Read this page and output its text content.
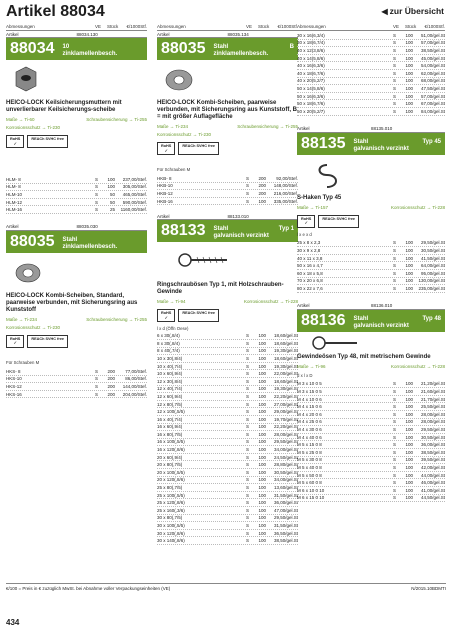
Artikel 88034	◀ zur Übersicht
Abmessungen	VE	Stück	€/1000Stf.
Artikel	88034.130
88034 10
zinklamellenbesch.
HEICO-LOCK Keilsicherungsmuttern mit unverlierbarer Keilsicherungs-scheibe
Maße → Ti-60	Schraubensicherung → Ti-255
Korrosionsschutz → Ti-230
RoHS
✓
REACh SVHC free
HLM- 8	S	100	237,00/Stef.
HLM- 8	S	100	305,00/Stef.
HLM-10	S	50	465,00/Stef.
HLM-12	S	50	590,00/Stef.
HLM-16	S	25	1160,00/Stef.
Artikel	88035.030
88035 Stahl
zinklamellenbesch.
HEICO-LOCK Kombi-Scheiben, Standard, paarweise verbunden, mit Sicherungsring aus Kunststoff
Maße → Ti-234	Schraubensicherung → Ti-255
Korrosionsschutz → Ti-230
RoHS
✓
REACh SVHC free
Für Schrauben M
HKS- 8	S	200	77,00/Stef.
HKS-10	S	200	86,00/Stef.
HKS-12	S	200	144,00/Stef.
HKS-16	S	200	204,00/Stef.
Abmessungen	VE	Stück	€/1000Stf.
Artikel	88035.134
88035 Stahl
zinklamellenbesch.
B
HEICO-LOCK Kombi-Scheiben, paarweise verbunden, mit Sicherungsring aus Kunststoff, B = mit größer Auflagefläche
Maße → Ti-234	Schraubensicherung → Ti-255
Korrosionsschutz → Ti-230
RoHS
✓
REACh SVHC free
Für Schrauben M
HKB- 8	S	200	92,00/Stef.
HKB-10	S	200	148,00/Stef.
HKB-12	S	200	216,00/Stef.
HKB-16	S	100	335,00/Stef.
Artikel	88133.010
88133 Stahl
galvanisch verzinkt
Typ 1
Ringschraubösen Typ 1, mit Holzschrauben-Gewinde
Maße → Ti-94	Korrosionsschutz → Ti-228
RoHS
✓
REACh SVHC free
l x d (Öffn Oese)
6 x 30(,8/4)	S	100	18,60/gel.St
8 x 30(,8/4)	S	100	18,60/gel.St
8 x 40(,7/4)	S	100	19,30/gel.St
10 x 30(,8/4)	S	100	18,60/gel.St
10 x 40(,7/4)	S	100	19,30/gel.St
10 x 60(,9/4)	S	100	22,00/gel.St
12 x 30(,8/4)	S	100	18,60/gel.St
12 x 40(,7/4)	S	100	19,30/gel.St
12 x 60(,9/4)	S	100	22,20/gel.St
12 x 80(,7/5)	S	100	27,00/gel.St
12 x 100(,5/5)	S	100	29,00/gel.St
16 x 40(,7/4)	S	100	19,70/gel.St
16 x 60(,9/4)	S	100	22,20/gel.St
16 x 80(,7/5)	S	100	28,00/gel.St
16 x 100(,5/5)	S	100	29,50/gel.St
16 x 120(,8/6)	S	100	34,00/gel.St
20 x 60(,9/4)	S	100	24,50/gel.St
20 x 80(,7/5)	S	100	28,80/gel.St
20 x 100(,5/5)	S	100	30,50/gel.St
20 x 120(,8/6)	S	100	34,00/gel.St
25 x 80(,7/5)	S	100	13,60/gel.St
25 x 100(,5/5)	S	100	31,50/gel.St
25 x 120(,8/6)	S	100	36,00/gel.St
25 x 160(,3/6)	S	100	47,00/gel.St
30 x 80(,7/5)	S	100	29,50/gel.St
30 x 100(,5/5)	S	100	31,50/gel.St
30 x 120(,8/6)	S	100	36,50/gel.St
30 x 140(,8/6)	S	100	38,50/gel.St
Abmessungen	VE	Stück	€/1000Stf.
30 x 16(6,3/4)	S	100	51,00/gel.St
30 x 18(6,7/4)	S	100	57,00/gel.St
40 x 12(3,8/6)	S	100	38,50/gel.St
40 x 14(5,8/6)	S	100	45,00/gel.St
40 x 16(6,3/6)	S	100	54,00/gel.St
40 x 18(6,7/6)	S	100	62,00/gel.St
40 x 20(5,2/7)	S	100	68,00/gel.St
50 x 14(5,8/6)	S	100	47,50/gel.St
50 x 16(6,3/6)	S	100	57,00/gel.St
50 x 18(6,7/6)	S	100	67,00/gel.St
50 x 20(5,2/7)	S	100	84,00/gel.St
Artikel	88135.010
88135 Stahl
galvanisch verzinkt
Typ 45
S-Haken Typ 45
Maße → Ti-157	Korrosionsschutz → Ti-228
RoHS
✓
REACh SVHC free
l x e x d
25 x 8 x 2,3	S	100	29,50/gel.St
30 x 9 x 2,8	S	100	30,50/gel.St
40 x 11 x 3,8	S	100	41,50/gel.St
50 x 16 x 4,7	S	100	64,00/gel.St
60 x 18 x 5,8	S	100	95,00/gel.St
70 x 20 x 6,8	S	100	130,00/gel.St
80 x 22 x 7,6	S	100	235,00/gel.St
Artikel	88136.010
88136 Stahl
galvanisch verzinkt
Typ 48
Gewindeösen Typ 48, mit metrischem Gewinde
Maße → Ti-96	Korrosionsschutz → Ti-228
d x l x D
M 3 x 10 0 5	S	100	21,20/gel.St
M 3 x 15 0 5	S	100	21,60/gel.St
M 4 x 10 0 6	S	100	21,70/gel.St
M 4 x 15 0 6	S	100	25,50/gel.St
M 4 x 20 0 6	S	100	28,00/gel.St
M 4 x 25 0 6	S	100	28,00/gel.St
M 4 x 30 0 6	S	100	29,50/gel.St
M 4 x 40 0 6	S	100	30,50/gel.St
M 5 x 15 0 8	S	100	36,00/gel.St
M 5 x 25 0 8	S	100	38,50/gel.St
M 5 x 30 0 8	S	100	39,50/gel.St
M 5 x 40 0 8	S	100	42,00/gel.St
M 5 x 50 0 8	S	100	44,00/gel.St
M 5 x 60 0 8	S	100	46,00/gel.St
M 6 x 10 0 10	S	100	41,00/gel.St
M 6 x 15 0 10	S	100	44,50/gel.St
€/100 = Preis in € zuzüglich MwSt. bei Abnahme voller Verpackungseinheiten (VE)	N/2015.10BDMTI
434
